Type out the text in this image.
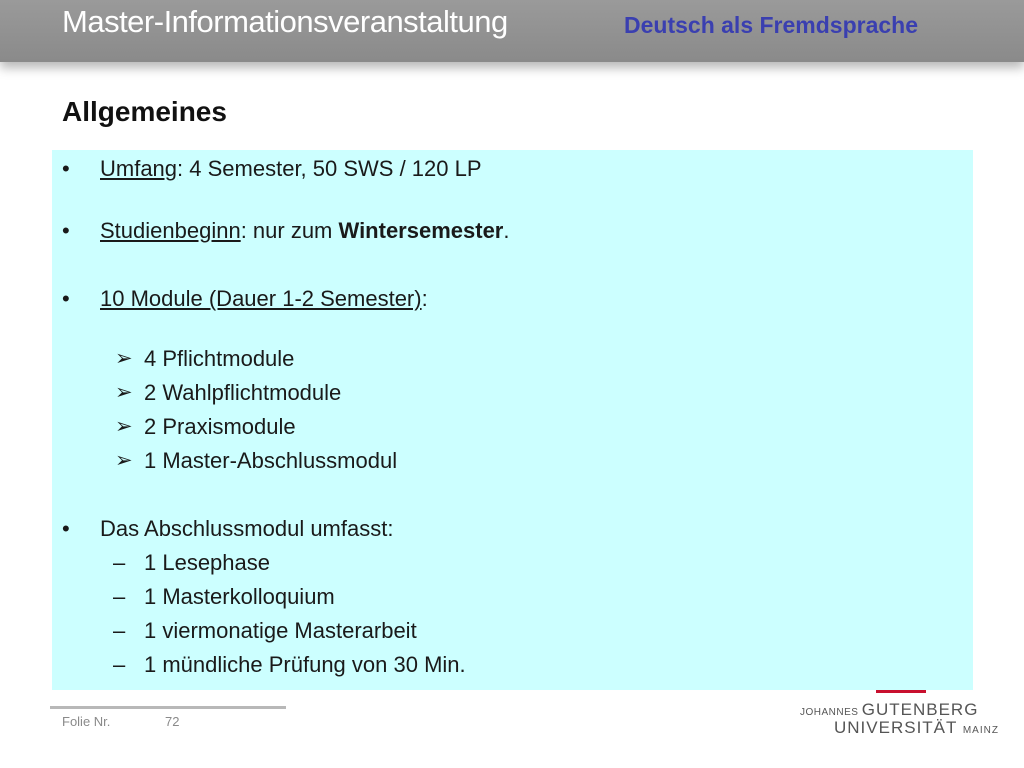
Master-Informationsveranstaltung	Deutsch als Fremdsprache
Allgemeines
• Umfang: 4 Semester, 50 SWS / 120 LP
• Studienbeginn: nur zum Wintersemester.
• 10 Module (Dauer 1-2 Semester):
➢ 4 Pflichtmodule
➢ 2 Wahlpflichtmodule
➢ 2 Praxismodule
➢ 1 Master-Abschlussmodul
• Das Abschlussmodul umfasst:
– 1 Lesephase
– 1 Masterkolloquium
– 1 viermonatige Masterarbeit
– 1 mündliche Prüfung von 30 Min.
Folie Nr.	72
JOHANNES GUTENBERG
UNIVERSITÄT MAINZ
